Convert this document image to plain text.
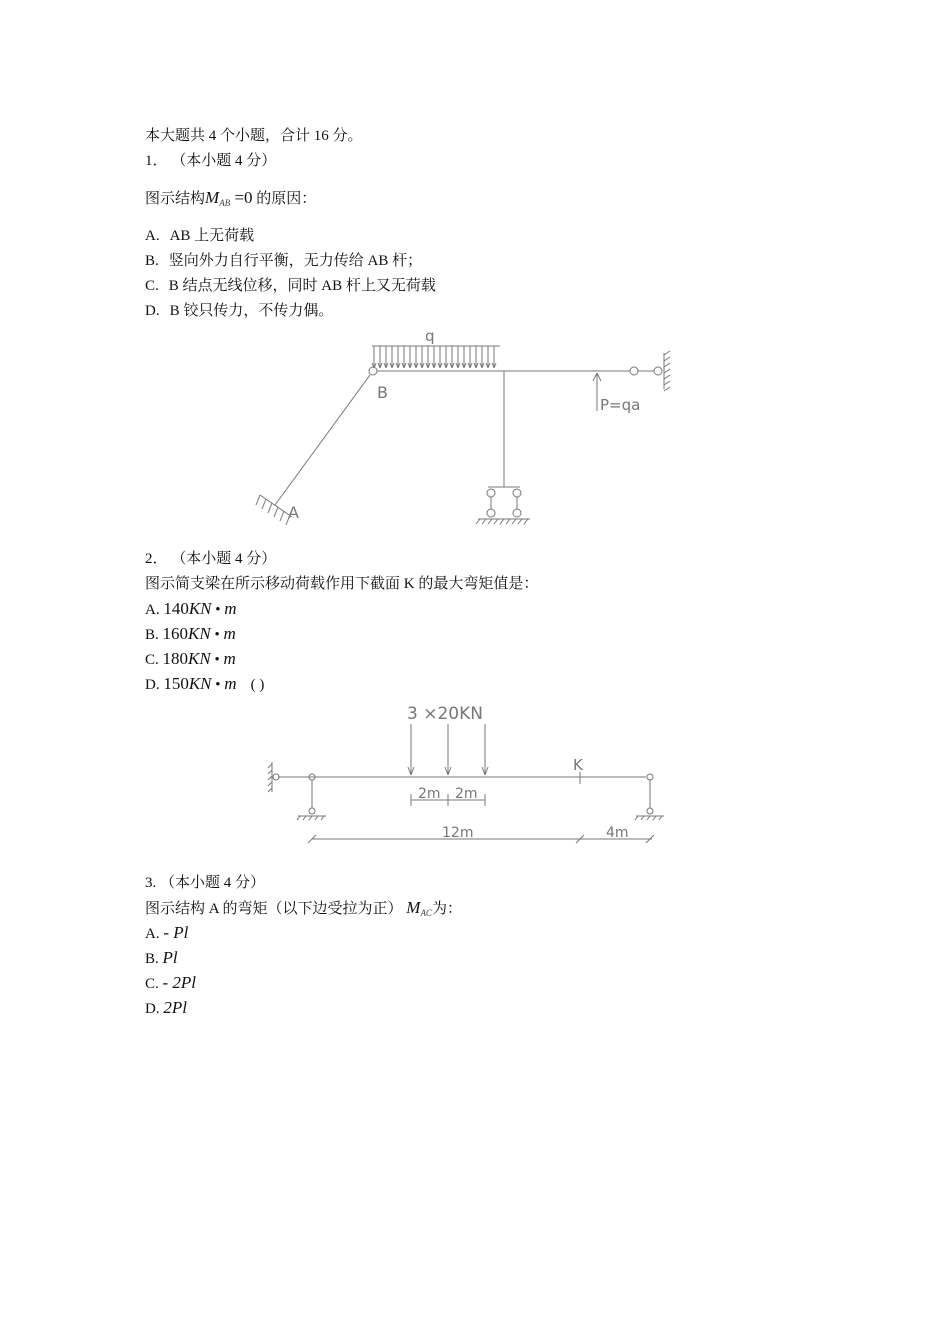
本大题共 4 个小题，合计 16 分。
1． （本小题 4 分）
图示结构$M_{AB} =0$ 的原因：
A. AB 上无荷载
B. 竖向外力自行平衡，无力传给 AB 杆；
C. B 结点无线位移，同时 AB 杆上又无荷载
D. B 铰只传力，不传力偶。
q
B
A
P=qa
2． （本小题 4 分）
图示简支梁在所示移动荷载作用下截面 K 的最大弯矩值是：
A. 140KN • m
B. 160KN • m
C. 180KN • m
D. 150KN • m ( )
3 ×20KN
K
2m 2m
12m	4m
3. （本小题 4 分）
图示结构 A 的弯矩（以下边受拉为正） $M_{AC}$为：
A. - Pl
B. Pl
C. - 2Pl
D. 2Pl
